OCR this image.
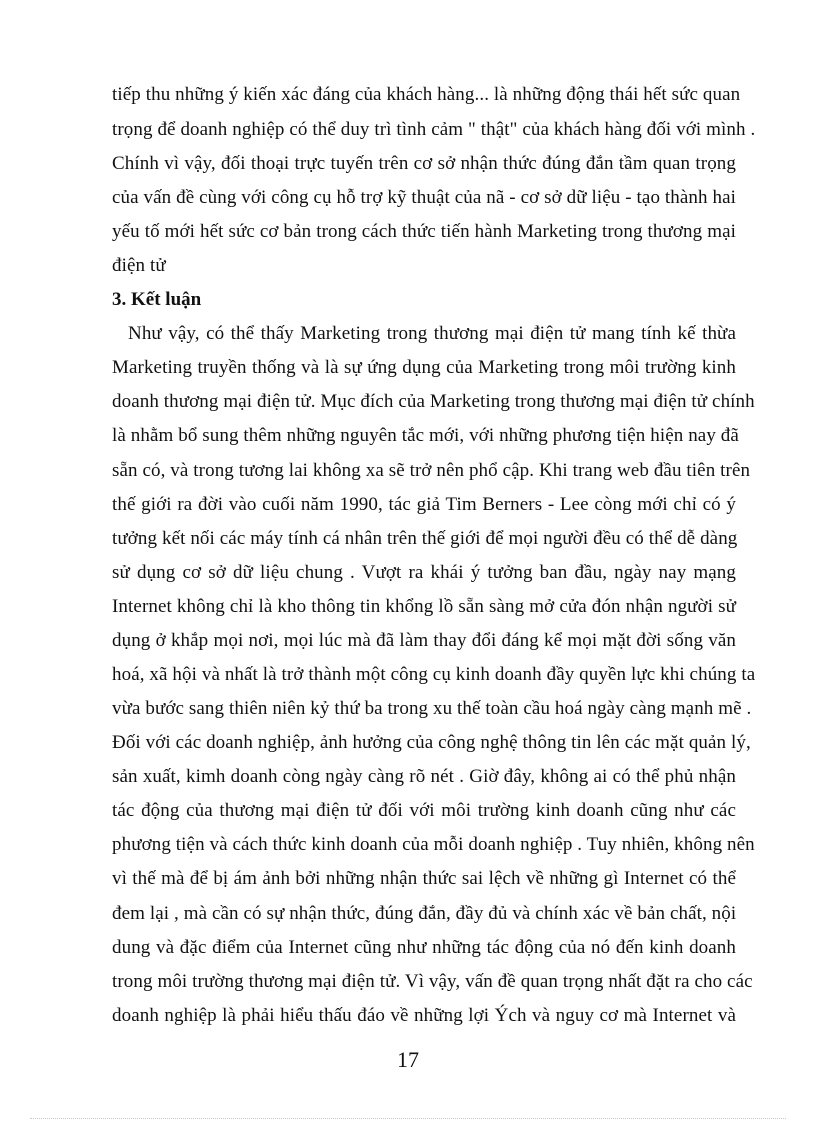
tiếp thu những ý kiến xác đáng của khách hàng... là những động thái hết sức quan
trọng để doanh nghiệp có thể duy trì tình cảm " thật" của khách hàng đối với mình .
Chính vì vậy, đối thoại trực tuyến trên cơ sở nhận thức đúng đắn tầm quan trọng
của vấn đề cùng với công cụ hỗ trợ kỹ thuật của nã - cơ sở dữ liệu - tạo thành hai
yếu tố mới hết sức cơ bản trong cách thức tiến hành Marketing trong thương mại
điện tử
3. Kết luận
Như vậy, có thể thấy Marketing trong thương mại điện tử mang tính kế thừa
Marketing truyền thống và là sự ứng dụng của Marketing trong môi trường kinh
doanh thương mại điện tử. Mục đích của Marketing trong thương mại điện tử chính
là nhằm bổ sung thêm những nguyên tắc mới, với những phương tiện hiện nay đã
sẵn có, và trong tương lai không xa sẽ trở nên phổ cập. Khi trang web đầu tiên trên
thế giới ra đời vào cuối năm 1990, tác giả Tim Berners - Lee còng mới chỉ có ý
tưởng kết nối các máy tính cá nhân trên thế giới để mọi người đều có thể dễ dàng
sử dụng cơ sở dữ liệu chung . Vượt ra khái ý tưởng ban đầu, ngày nay mạng
Internet không chỉ là kho thông tin khổng lồ sẵn sàng mở cửa đón nhận người sử
dụng ở khắp mọi nơi, mọi lúc mà đã làm thay đổi đáng kể mọi mặt đời sống văn
hoá, xã hội và nhất là trở thành một công cụ kinh doanh đầy quyền lực khi chúng ta
vừa bước sang thiên niên kỷ thứ ba trong xu thế toàn cầu hoá ngày càng mạnh mẽ .
Đối với các doanh nghiệp, ảnh hưởng của công nghệ thông tin lên các mặt quản lý,
sản xuất, kimh doanh còng ngày càng rõ nét . Giờ đây, không ai có thể phủ nhận
tác động của thương mại điện tử đối với môi trường kinh doanh cũng như các
phương tiện và cách thức kinh doanh của mỗi doanh nghiệp . Tuy nhiên, không nên
vì thế mà để bị ám ảnh bởi những nhận thức sai lệch về những gì Internet có thể
đem lại , mà cần có sự nhận thức, đúng đắn, đầy đủ và chính xác về bản chất, nội
dung và đặc điểm của Internet cũng như những tác động của nó đến kinh doanh
trong môi trường thương mại điện tử. Vì vậy, vấn đề quan trọng nhất đặt ra cho các
doanh nghiệp là phải hiểu thấu đáo về những lợi Ých và nguy cơ mà Internet và
17
